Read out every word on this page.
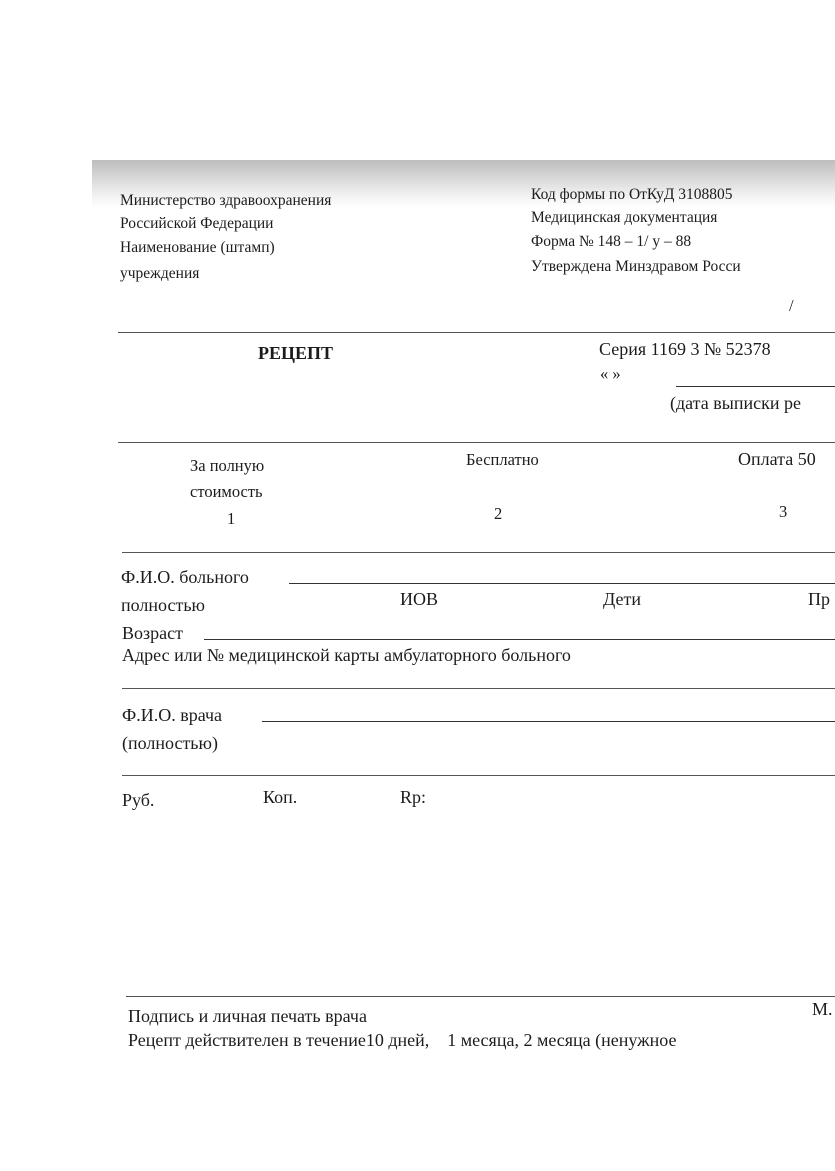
Министерство здравоохранения
Российской Федерации
Наименование (штамп)
учреждения
Код формы по ОтКуД 3108805
Медицинская документация
Форма № 148 – 1/ у – 88
Утверждена Минздравом Росси
/
РЕЦЕПТ	Серия 1169 3 № 52378
« »
(дата выписки ре
За полную
стоимость
1
Бесплатно
2
Оплата 50
3
Ф.И.О. больного
полностью	ИОВ	Дети	Пр
Возраст
Адрес или № медицинской карты амбулаторного больного
Ф.И.О. врача
(полностью)
Руб.	Коп.	Rp:
Подпись и личная печать врача	М.
Рецепт действителен в течение10 дней,    1 месяца, 2 месяца (ненужное
